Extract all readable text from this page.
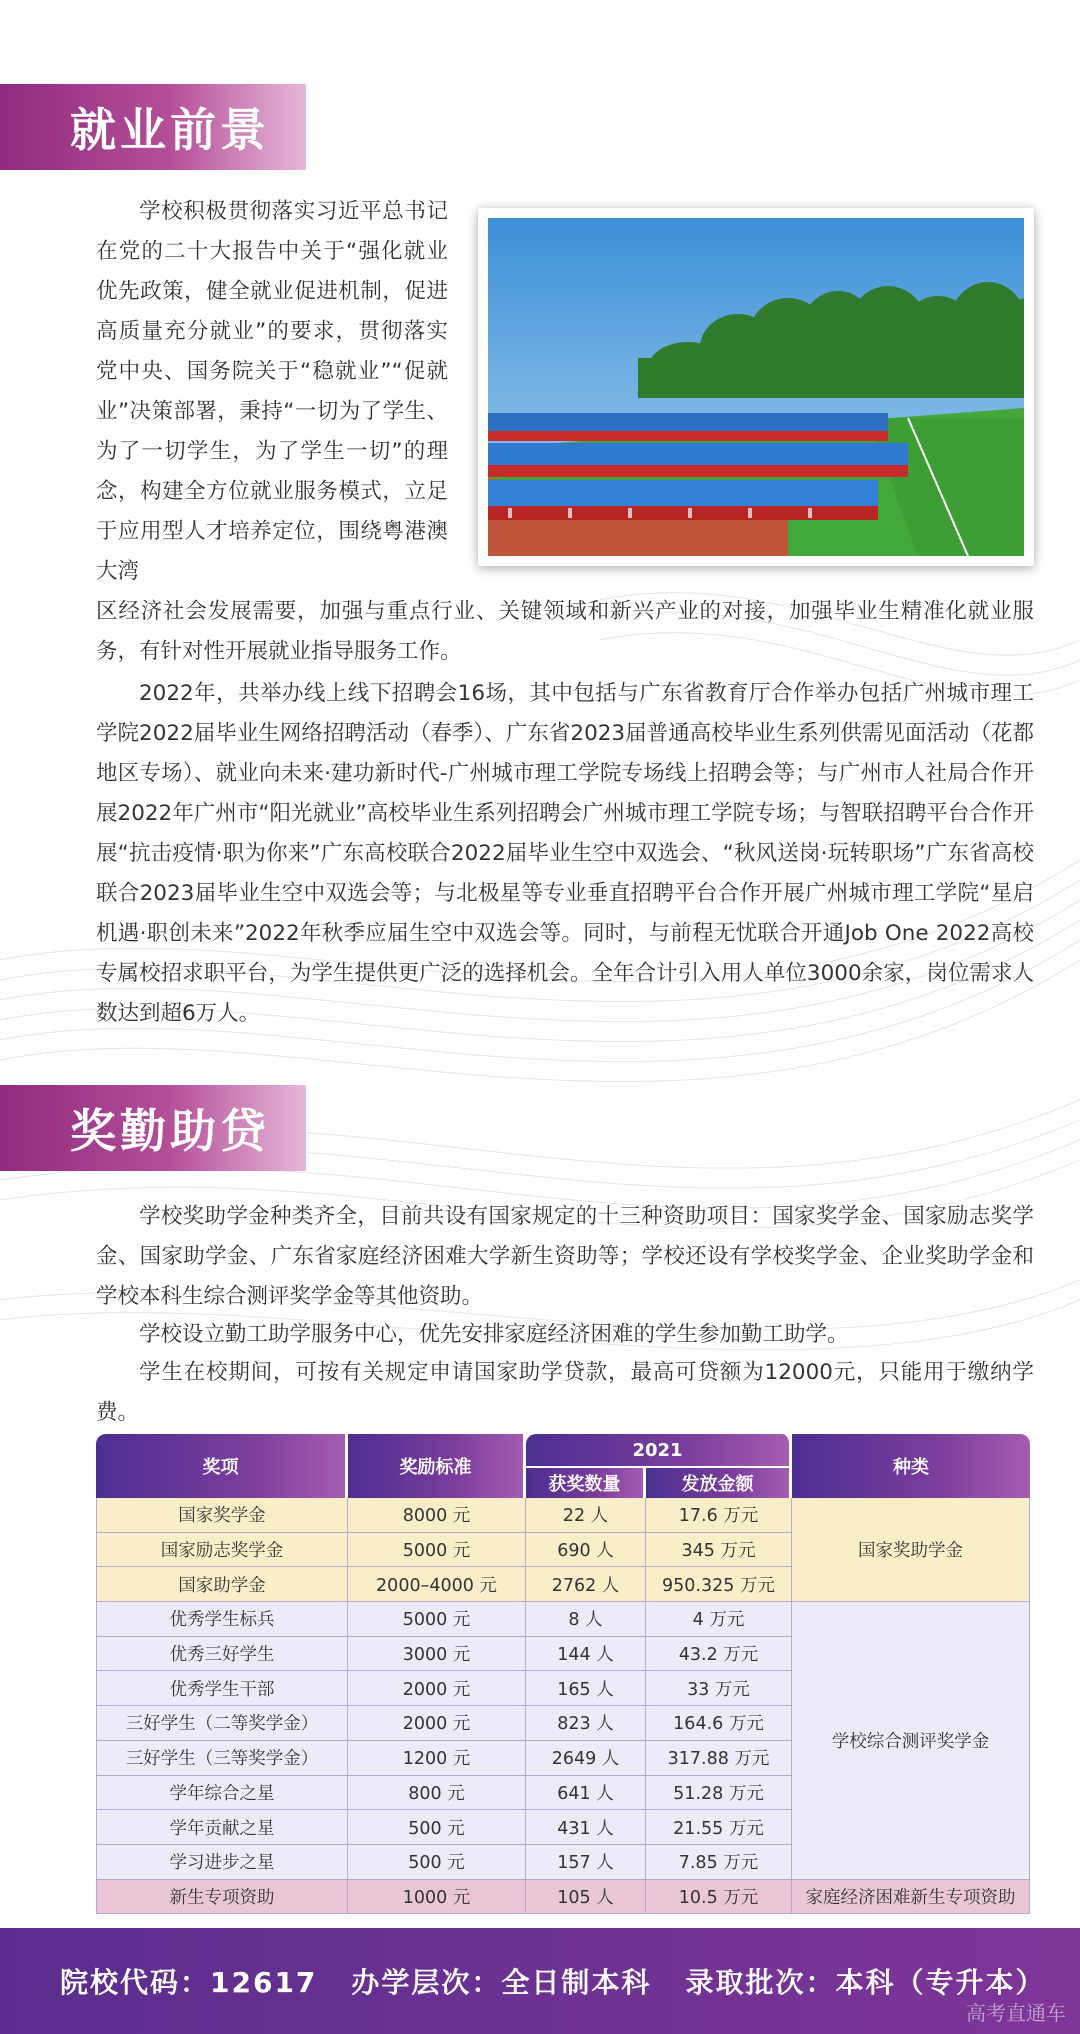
就业前景

学校积极贯彻落实习近平总书记在党的二十大报告中关于“强化就业优先政策，健全就业促进机制，促进高质量充分就业”的要求，贯彻落实党中央、国务院关于“稳就业”“促就业”决策部署，秉持“一切为了学生、为了一切学生，为了学生一切”的理念，构建全方位就业服务模式，立足于应用型人才培养定位，围绕粤港澳大湾

区经济社会发展需要，加强与重点行业、关键领域和新兴产业的对接，加强毕业生精准化就业服务，有针对性开展就业指导服务工作。

2022年，共举办线上线下招聘会16场，其中包括与广东省教育厅合作举办包括广州城市理工学院2022届毕业生网络招聘活动（春季）、广东省2023届普通高校毕业生系列供需见面活动（花都地区专场）、就业向未来·建功新时代-广州城市理工学院专场线上招聘会等；与广州市人社局合作开展2022年广州市“阳光就业”高校毕业生系列招聘会广州城市理工学院专场；与智联招聘平台合作开展“抗击疫情·职为你来”广东高校联合2022届毕业生空中双选会、“秋风送岗·玩转职场”广东省高校联合2023届毕业生空中双选会等；与北极星等专业垂直招聘平台合作开展广州城市理工学院“星启机遇·职创未来”2022年秋季应届生空中双选会等。同时，与前程无忧联合开通Job One 2022高校专属校招求职平台，为学生提供更广泛的选择机会。全年合计引入用人单位3000余家，岗位需求人数达到超6万人。

奖勤助贷

学校奖助学金种类齐全，目前共设有国家规定的十三种资助项目：国家奖学金、国家励志奖学金、国家助学金、广东省家庭经济困难大学新生资助等；学校还设有学校奖学金、企业奖助学金和学校本科生综合测评奖学金等其他资助。

学校设立勤工助学服务中心，优先安排家庭经济困难的学生参加勤工助学。

学生在校期间，可按有关规定申请国家助学贷款，最高可贷额为12000元，只能用于缴纳学费。

奖项	奖励标准	2021		种类
		获奖数量	发放金额	
国家奖学金	8000 元	22 人	17.6 万元	国家奖助学金
国家励志奖学金	5000 元	690 人	345 万元	
国家助学金	2000–4000 元	2762 人	950.325 万元	
优秀学生标兵	5000 元	8 人	4 万元	学校综合测评奖学金
优秀三好学生	3000 元	144 人	43.2 万元	
优秀学生干部	2000 元	165 人	33 万元	
三好学生（二等奖学金）	2000 元	823 人	164.6 万元	
三好学生（三等奖学金）	1200 元	2649 人	317.88 万元	
学年综合之星	800 元	641 人	51.28 万元	
学年贡献之星	500 元	431 人	21.55 万元	
学习进步之星	500 元	157 人	7.85 万元	
新生专项资助	1000 元	105 人	10.5 万元	家庭经济困难新生专项资助
院校代码：12617 办学层次：全日制本科 录取批次：本科（专升本）
高考直通车
